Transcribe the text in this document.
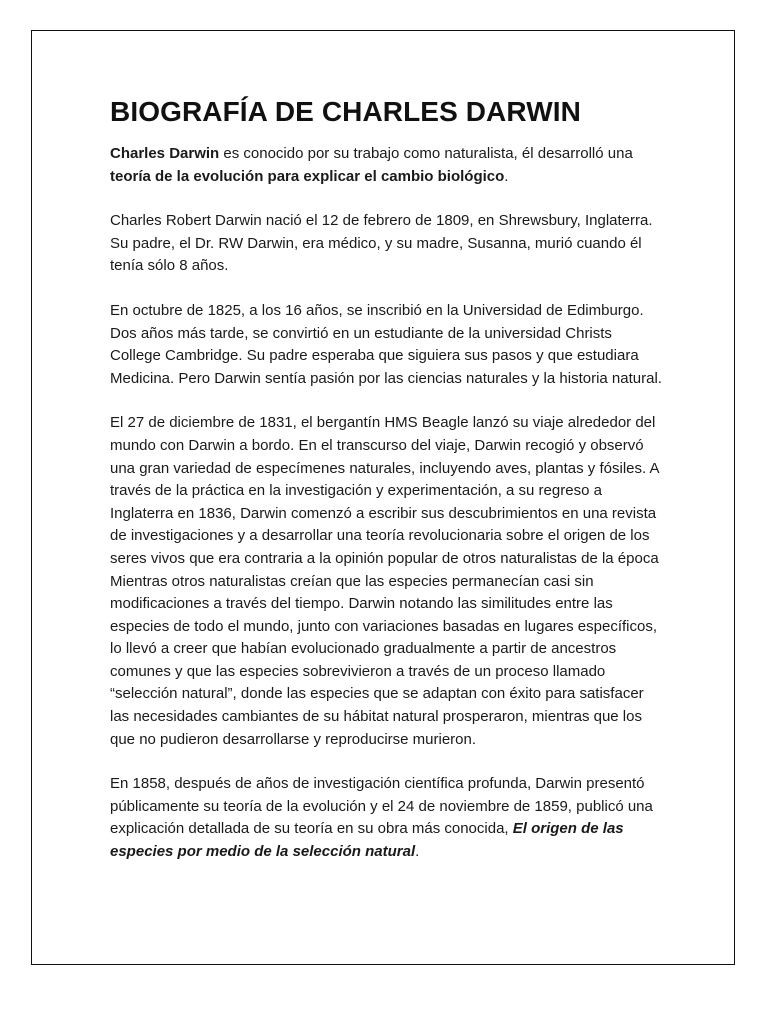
BIOGRAFÍA DE CHARLES DARWIN

Charles Darwin es conocido por su trabajo como naturalista, él desarrolló una teoría de la evolución para explicar el cambio biológico.

Charles Robert Darwin nació el 12 de febrero de 1809, en Shrewsbury, Inglaterra. Su padre, el Dr. RW Darwin, era médico, y su madre, Susanna, murió cuando él tenía sólo 8 años.

En octubre de 1825, a los 16 años, se inscribió en la Universidad de Edimburgo. Dos años más tarde, se convirtió en un estudiante de la universidad Christs College Cambridge. Su padre esperaba que siguiera sus pasos y que estudiara Medicina. Pero Darwin sentía pasión por las ciencias naturales y la historia natural.

El 27 de diciembre de 1831, el bergantín HMS Beagle lanzó su viaje alrededor del mundo con Darwin a bordo. En el transcurso del viaje, Darwin recogió y observó una gran variedad de especímenes naturales, incluyendo aves, plantas y fósiles. A través de la práctica en la investigación y experimentación, a su regreso a Inglaterra en 1836, Darwin comenzó a escribir sus descubrimientos en una revista de investigaciones y a desarrollar una teoría revolucionaria sobre el origen de los seres vivos que era contraria a la opinión popular de otros naturalistas de la época Mientras otros naturalistas creían que las especies permanecían casi sin modificaciones a través del tiempo. Darwin notando las similitudes entre las especies de todo el mundo, junto con variaciones basadas en lugares específicos, lo llevó a creer que habían evolucionado gradualmente a partir de ancestros comunes y que las especies sobrevivieron a través de un proceso llamado “selección natural”, donde las especies que se adaptan con éxito para satisfacer las necesidades cambiantes de su hábitat natural prosperaron, mientras que los que no pudieron desarrollarse y reproducirse murieron.

En 1858, después de años de investigación científica profunda, Darwin presentó públicamente su teoría de la evolución y el 24 de noviembre de 1859, publicó una explicación detallada de su teoría en su obra más conocida, El origen de las especies por medio de la selección natural.
